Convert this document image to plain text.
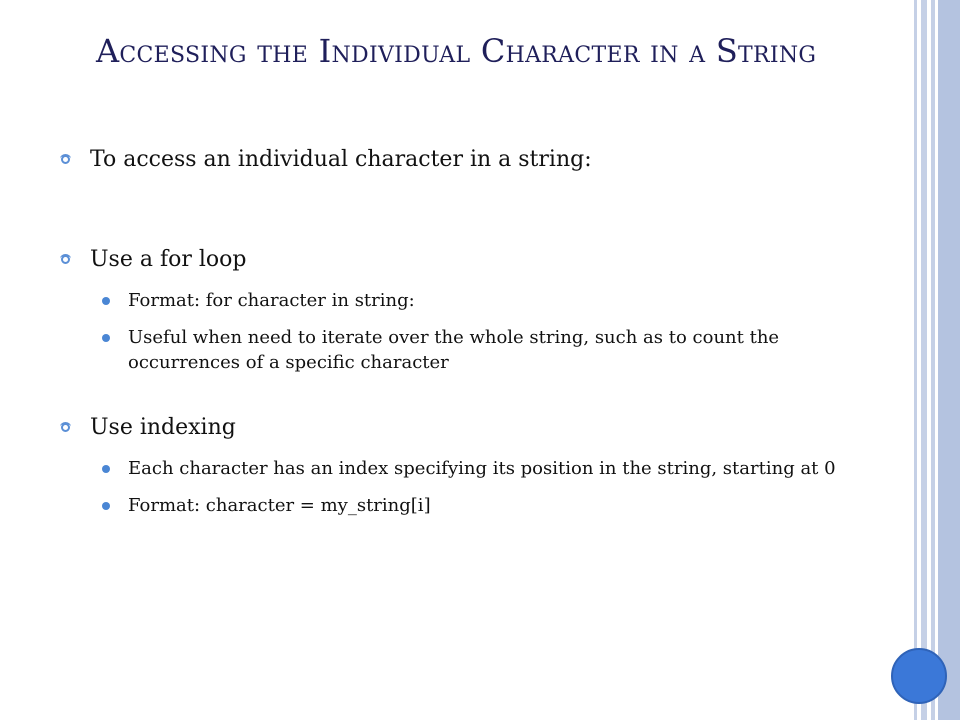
Accessing the Individual Character in a String
To access an individual character in a string:
Use a for loop
Format: for character in string:
Useful when need to iterate over the whole string, such as to count the occurrences of a specific character
Use indexing
Each character has an index specifying its position in the string, starting at 0
Format: character = my_string[i]
